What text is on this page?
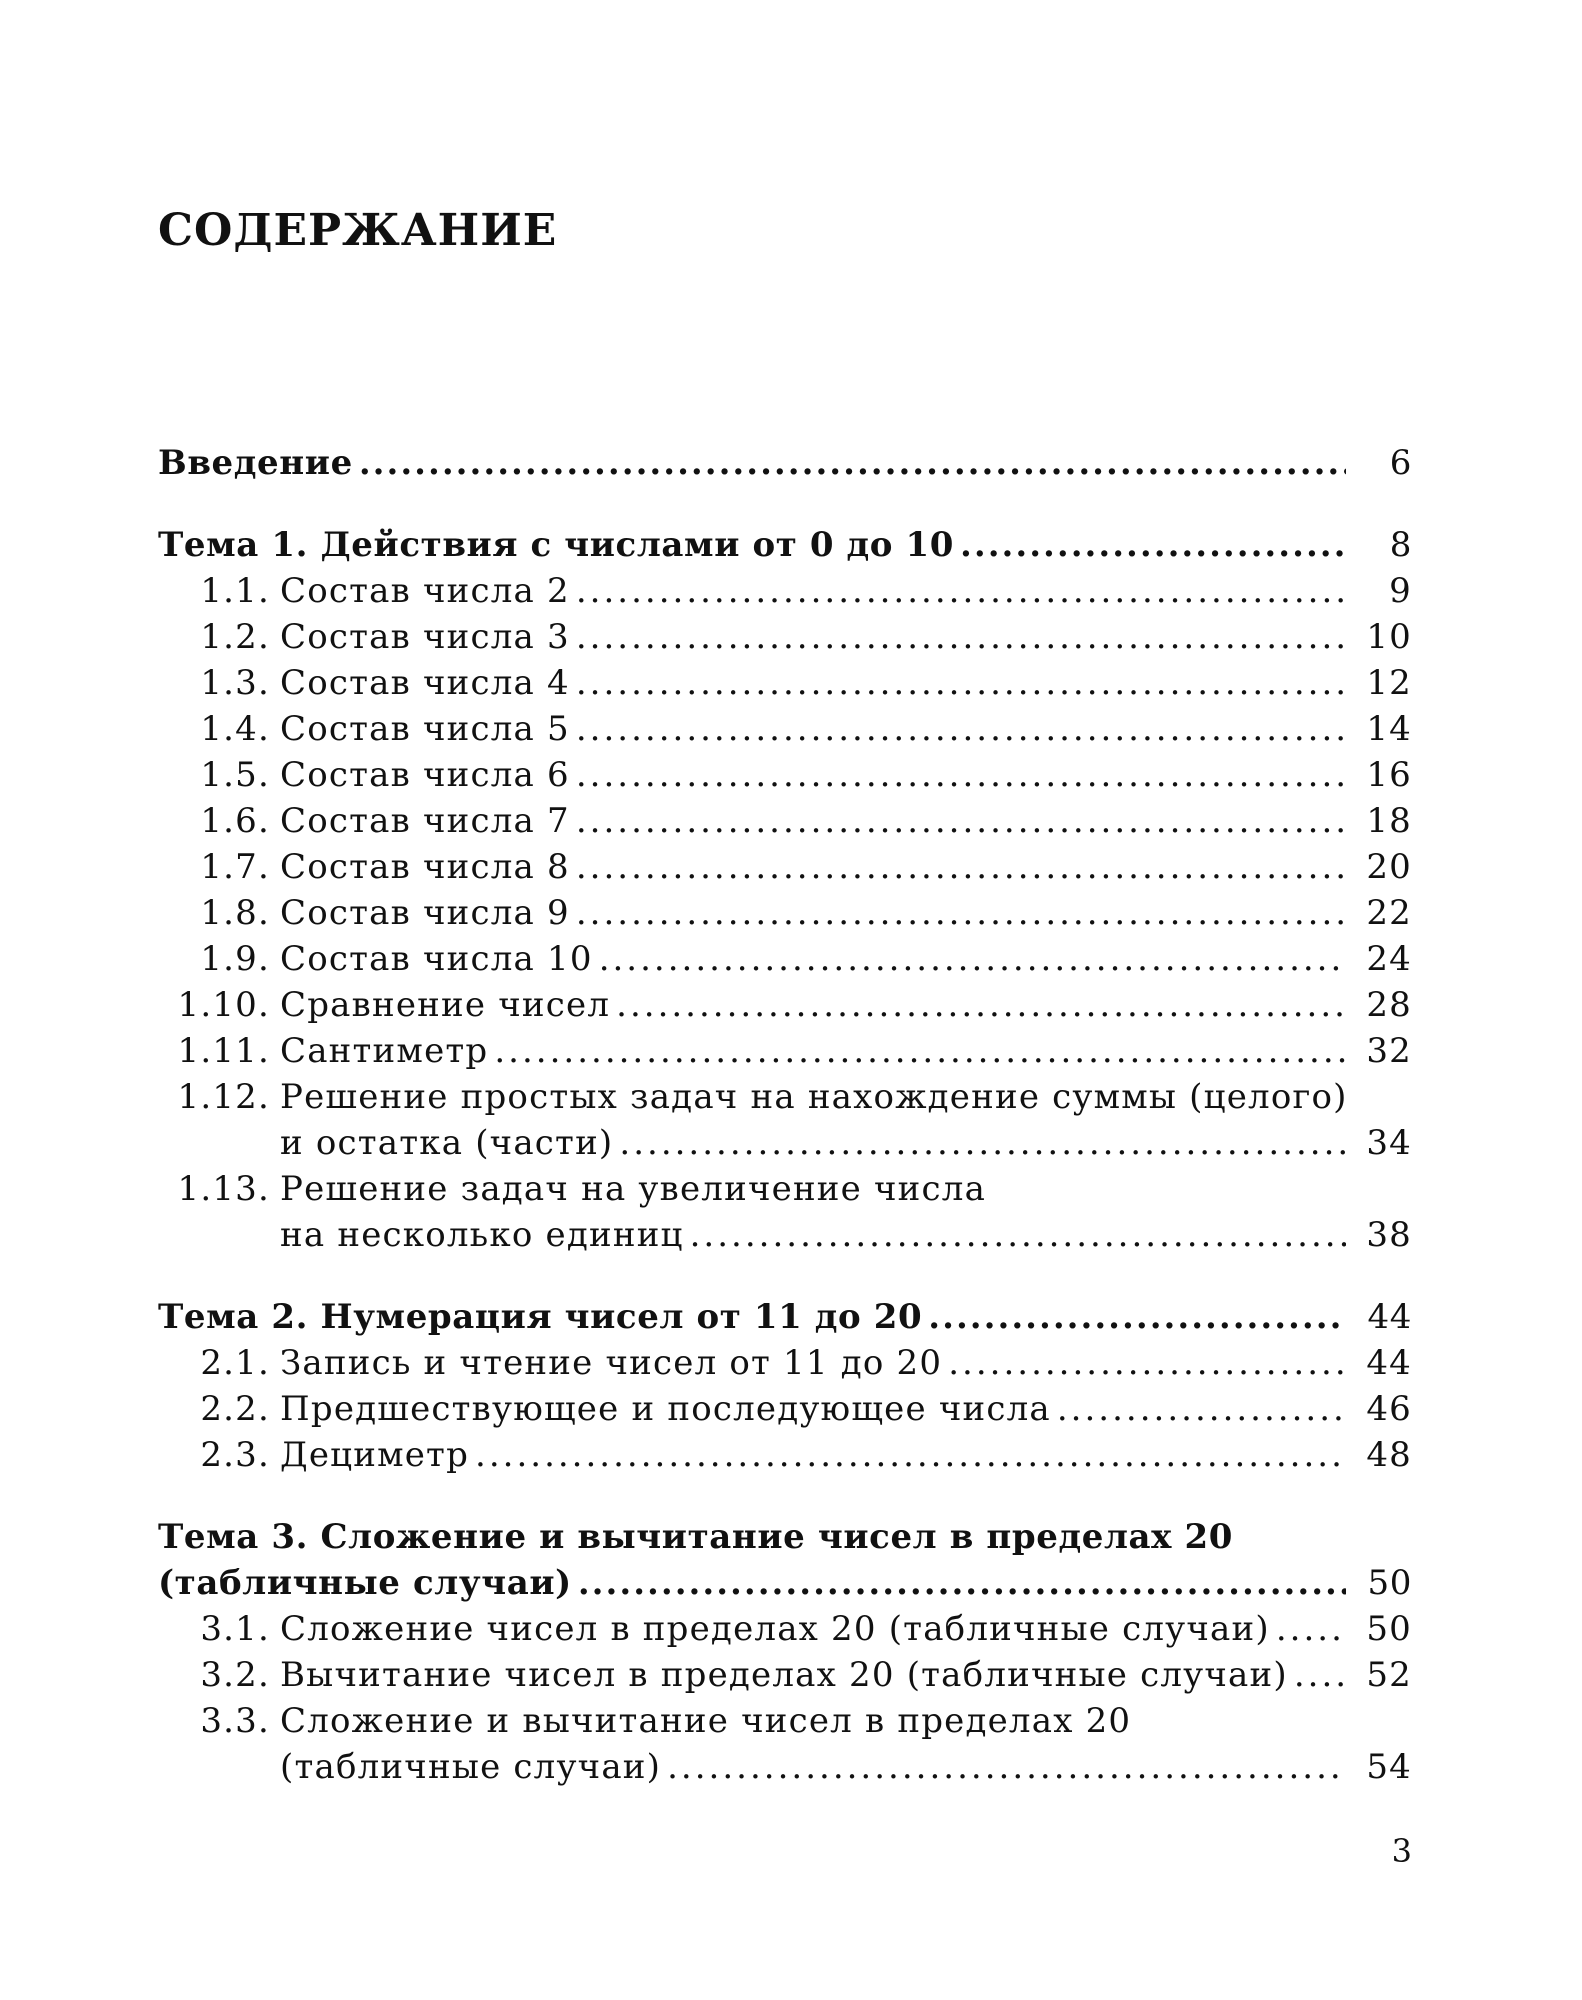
СОДЕРЖАНИЕ
Введение .....	6
Тема 1. Действия с числами от 0 до 10 .....	8
1.1. Состав числа 2 .....	9
1.2. Состав числа 3 .....	10
1.3. Состав числа 4 .....	12
1.4. Состав числа 5 .....	14
1.5. Состав числа 6 .....	16
1.6. Состав числа 7 .....	18
1.7. Состав числа 8 .....	20
1.8. Состав числа 9 .....	22
1.9. Состав числа 10 .....	24
1.10. Сравнение чисел .....	28
1.11. Сантиметр .....	32
1.12. Решение простых задач на нахождение суммы (целого)
и остатка (части) .....	34
1.13. Решение задач на увеличение числа
на несколько единиц .....	38
Тема 2. Нумерация чисел от 11 до 20 .....	44
2.1. Запись и чтение чисел от 11 до 20 .....	44
2.2. Предшествующее и последующее числа .....	46
2.3. Дециметр .....	48
Тема 3. Сложение и вычитание чисел в пределах 20
(табличные случаи) .....	50
3.1. Сложение чисел в пределах 20 (табличные случаи) .....	50
3.2. Вычитание чисел в пределах 20 (табличные случаи) .....	52
3.3. Сложение и вычитание чисел в пределах 20
(табличные случаи) .....	54
3
